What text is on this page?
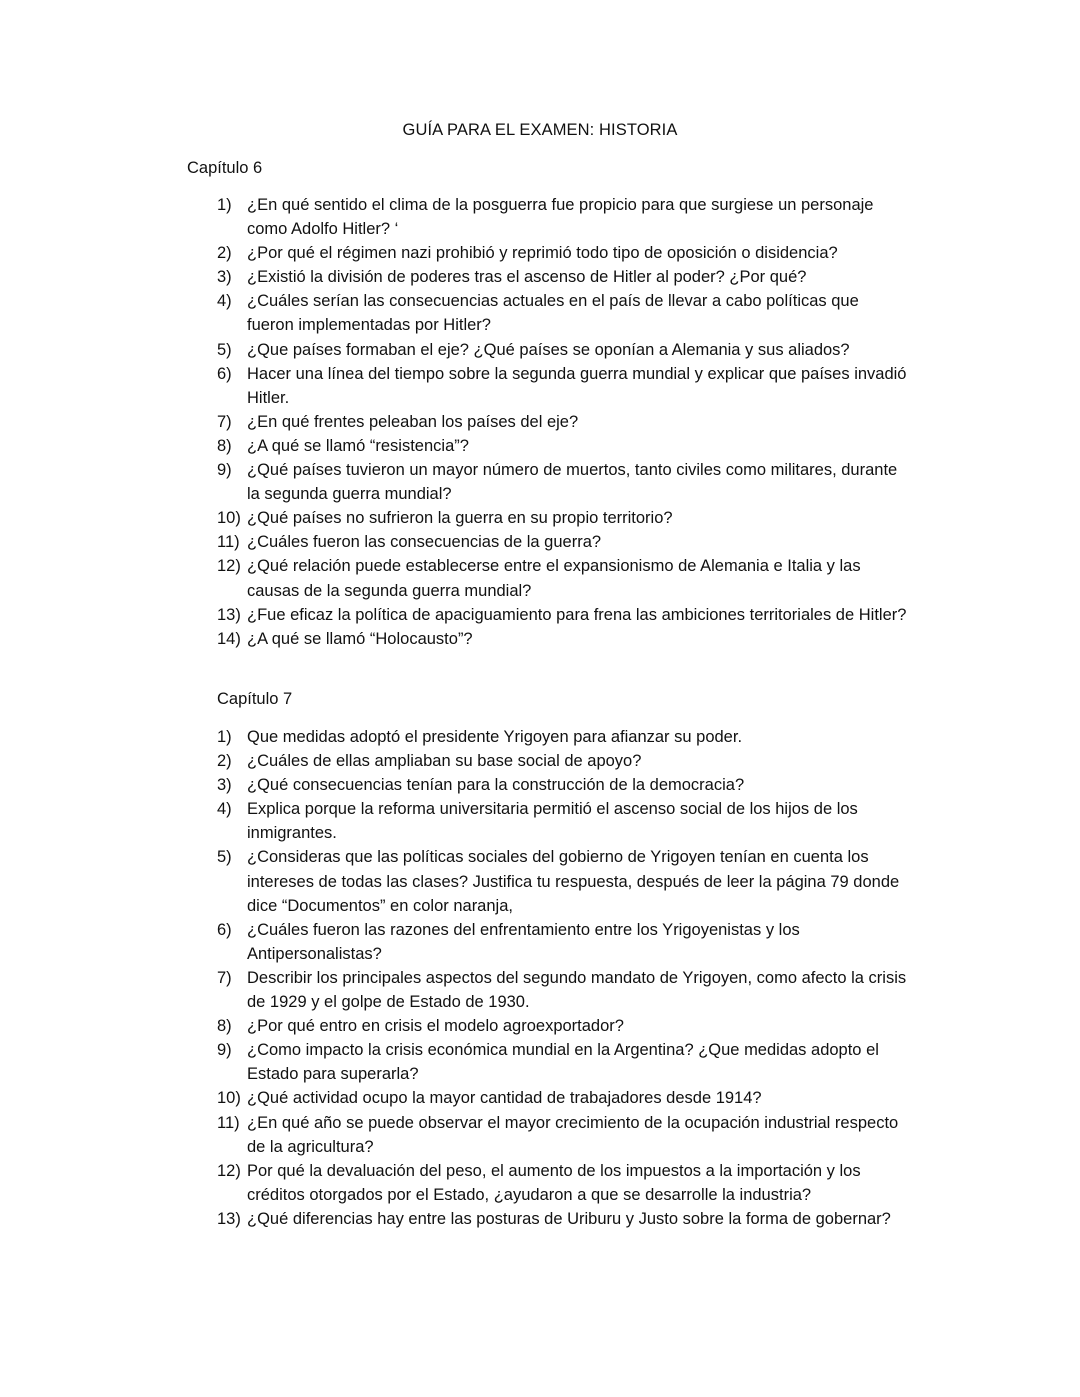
GUÍA PARA EL EXAMEN: HISTORIA
Capítulo 6
1) ¿En qué sentido el clima de la posguerra fue propicio para que surgiese un personaje como Adolfo Hitler? ‘
2) ¿Por qué el régimen nazi prohibió y reprimió todo tipo de oposición o disidencia?
3) ¿Existió la división de poderes tras el ascenso de Hitler al poder? ¿Por qué?
4) ¿Cuáles serían las consecuencias actuales en el país de llevar a cabo políticas que fueron implementadas por Hitler?
5) ¿Que países formaban el eje? ¿Qué países se oponían a Alemania y sus aliados?
6) Hacer una línea del tiempo sobre la segunda guerra mundial y explicar que países invadió Hitler.
7) ¿En qué frentes peleaban los países del eje?
8) ¿A qué se llamó “resistencia”?
9) ¿Qué países tuvieron un mayor número de muertos, tanto civiles como militares, durante la segunda guerra mundial?
10) ¿Qué países no sufrieron la guerra en su propio territorio?
11) ¿Cuáles fueron las consecuencias de la guerra?
12) ¿Qué relación puede establecerse entre el expansionismo de Alemania e Italia y las causas de la segunda guerra mundial?
13) ¿Fue eficaz la política de apaciguamiento para frena las ambiciones territoriales de Hitler?
14) ¿A qué se llamó “Holocausto”?
Capítulo 7
1) Que medidas adoptó el presidente Yrigoyen para afianzar su poder.
2) ¿Cuáles de ellas ampliaban su base social de apoyo?
3) ¿Qué consecuencias tenían para la construcción de la democracia?
4) Explica porque la reforma universitaria permitió el ascenso social de los hijos de los inmigrantes.
5) ¿Consideras que las políticas sociales del gobierno de Yrigoyen tenían en cuenta los intereses de todas las clases? Justifica tu respuesta, después de leer la página 79 donde dice “Documentos” en color naranja,
6) ¿Cuáles fueron las razones del enfrentamiento entre los Yrigoyenistas y los Antipersonalistas?
7) Describir los principales aspectos del segundo mandato de Yrigoyen, como afecto la crisis de 1929 y el golpe de Estado de 1930.
8) ¿Por qué entro en crisis el modelo agroexportador?
9) ¿Como impacto la crisis económica mundial en la Argentina? ¿Que medidas adopto el Estado para superarla?
10) ¿Qué actividad ocupo la mayor cantidad de trabajadores desde 1914?
11) ¿En qué año se puede observar el mayor crecimiento de la ocupación industrial respecto de la agricultura?
12) Por qué la devaluación del peso, el aumento de los impuestos a la importación y los créditos otorgados por el Estado, ¿ayudaron a que se desarrolle la industria?
13) ¿Qué diferencias hay entre las posturas de Uriburu y Justo sobre la forma de gobernar?
